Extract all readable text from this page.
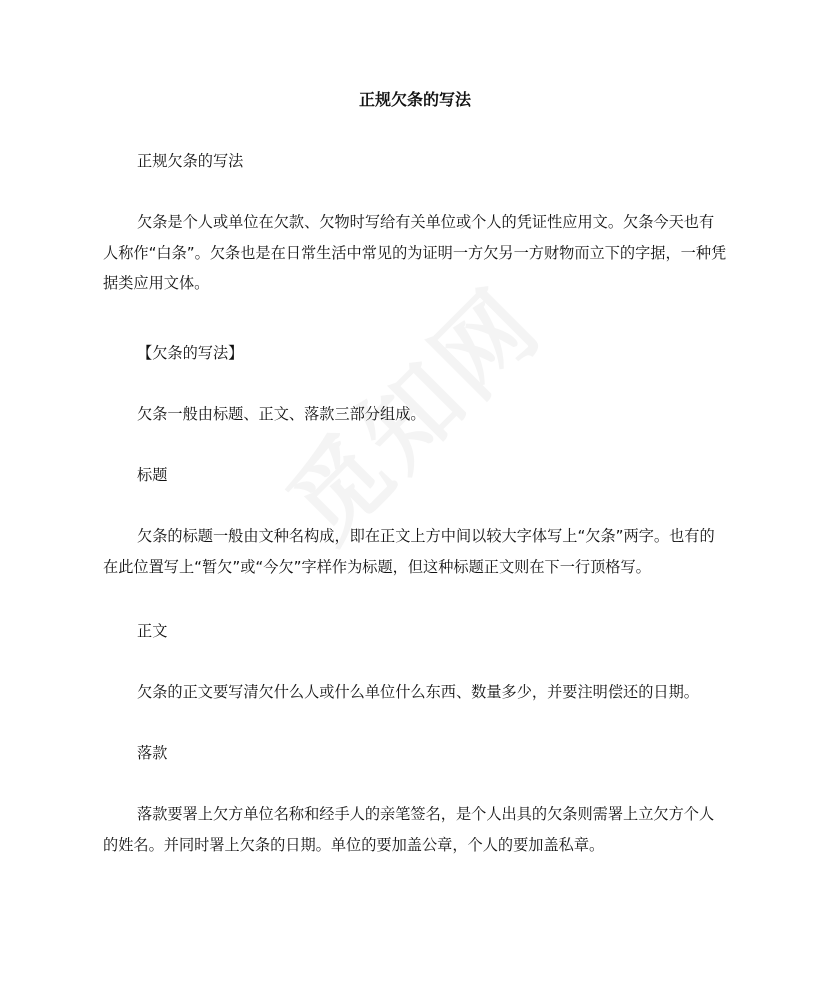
正规欠条的写法

正规欠条的写法

欠条是个人或单位在欠款、欠物时写给有关单位或个人的凭证性应用文。欠条今天也有人称作“白条”。欠条也是在日常生活中常见的为证明一方欠另一方财物而立下的字据，一种凭据类应用文体。

【欠条的写法】

欠条一般由标题、正文、落款三部分组成。

标题

欠条的标题一般由文种名构成，即在正文上方中间以较大字体写上“欠条”两字。也有的在此位置写上“暂欠”或“今欠”字样作为标题，但这种标题正文则在下一行顶格写。

正文

欠条的正文要写清欠什么人或什么单位什么东西、数量多少，并要注明偿还的日期。

落款

落款要署上欠方单位名称和经手人的亲笔签名，是个人出具的欠条则需署上立欠方个人的姓名。并同时署上欠条的日期。单位的要加盖公章，个人的要加盖私章。
